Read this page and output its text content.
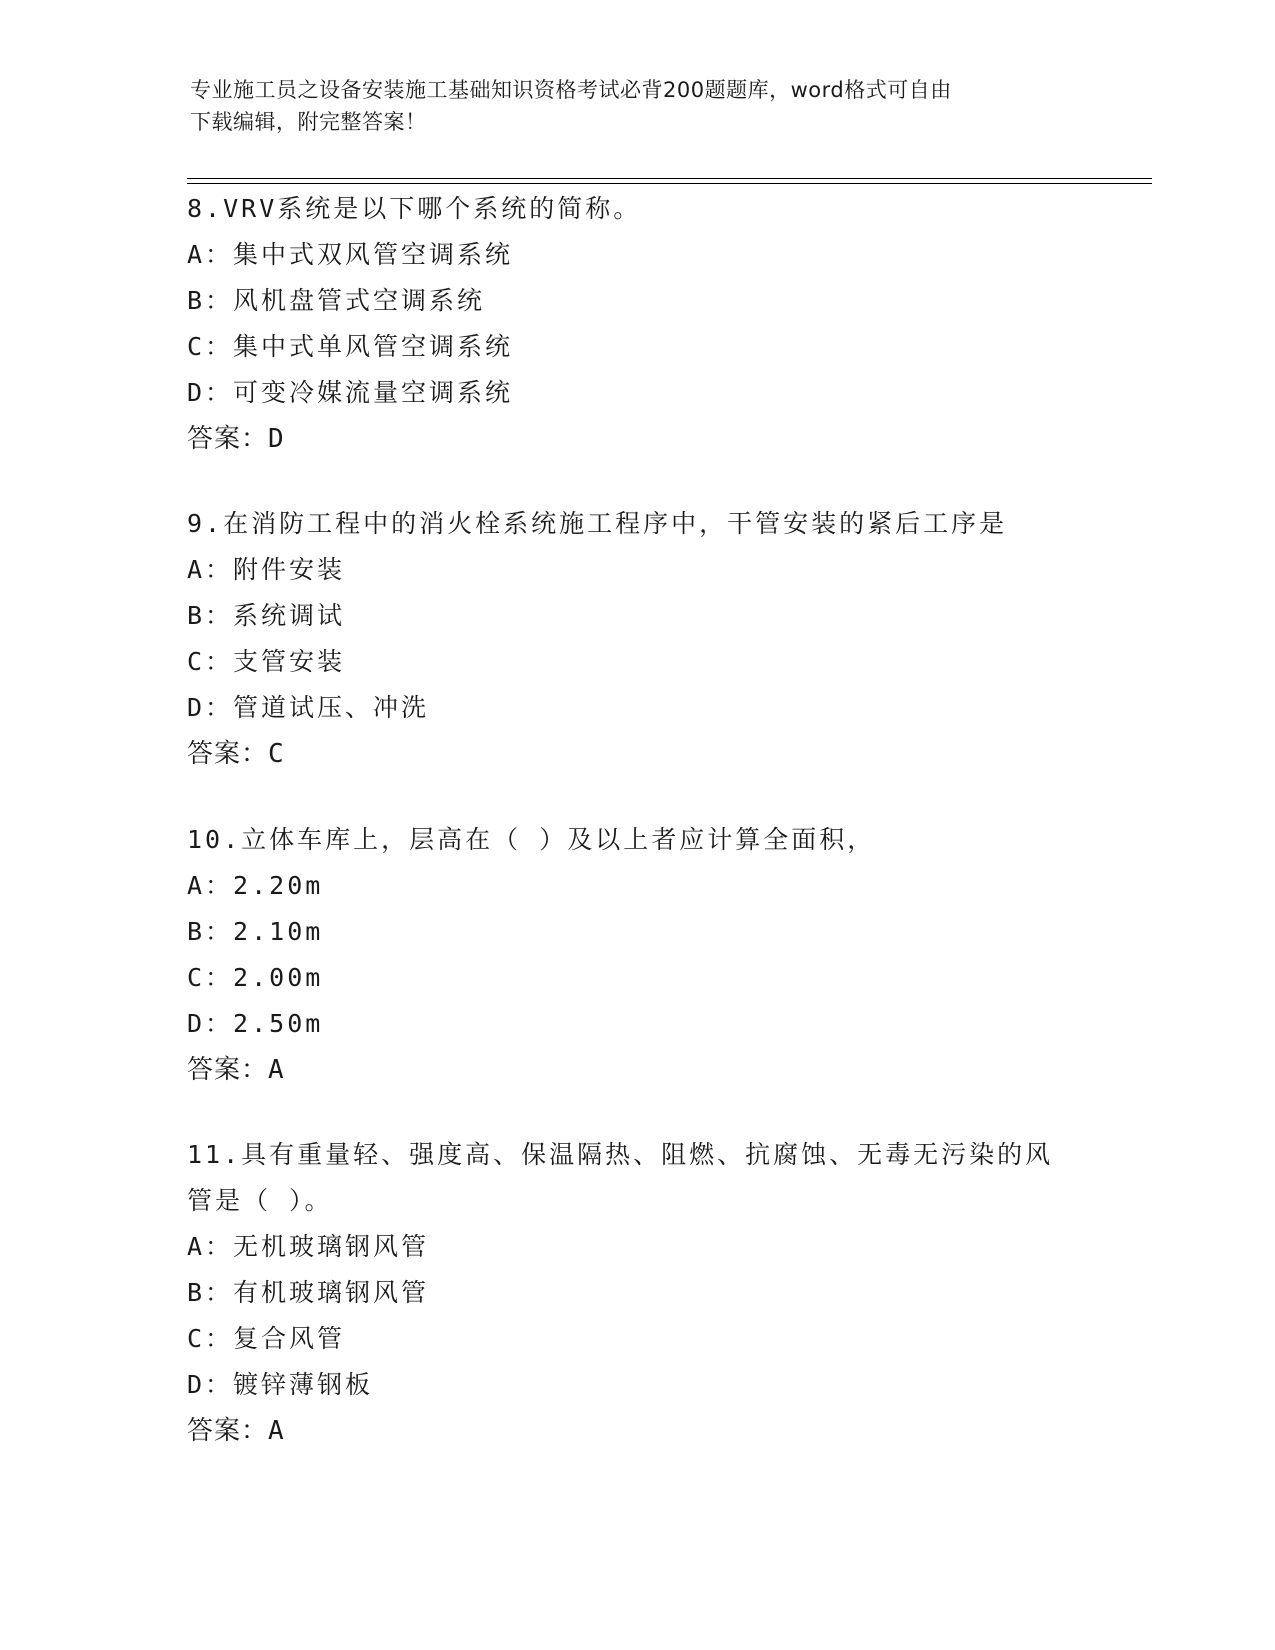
专业施工员之设备安装施工基础知识资格考试必背200题题库，word格式可自由
下载编辑，附完整答案！
8.VRV系统是以下哪个系统的简称。
A：集中式双风管空调系统
B：风机盘管式空调系统
C：集中式单风管空调系统
D：可变冷媒流量空调系统
答案：D
9.在消防工程中的消火栓系统施工程序中，干管安装的紧后工序是
A：附件安装
B：系统调试
C：支管安装
D：管道试压、冲洗
答案：C
10.立体车库上，层高在（ ）及以上者应计算全面积，
A：2.20m
B：2.10m
C：2.00m
D：2.50m
答案：A
11.具有重量轻、强度高、保温隔热、阻燃、抗腐蚀、无毒无污染的风
管是（ ）。
A：无机玻璃钢风管
B：有机玻璃钢风管
C：复合风管
D：镀锌薄钢板
答案：A
